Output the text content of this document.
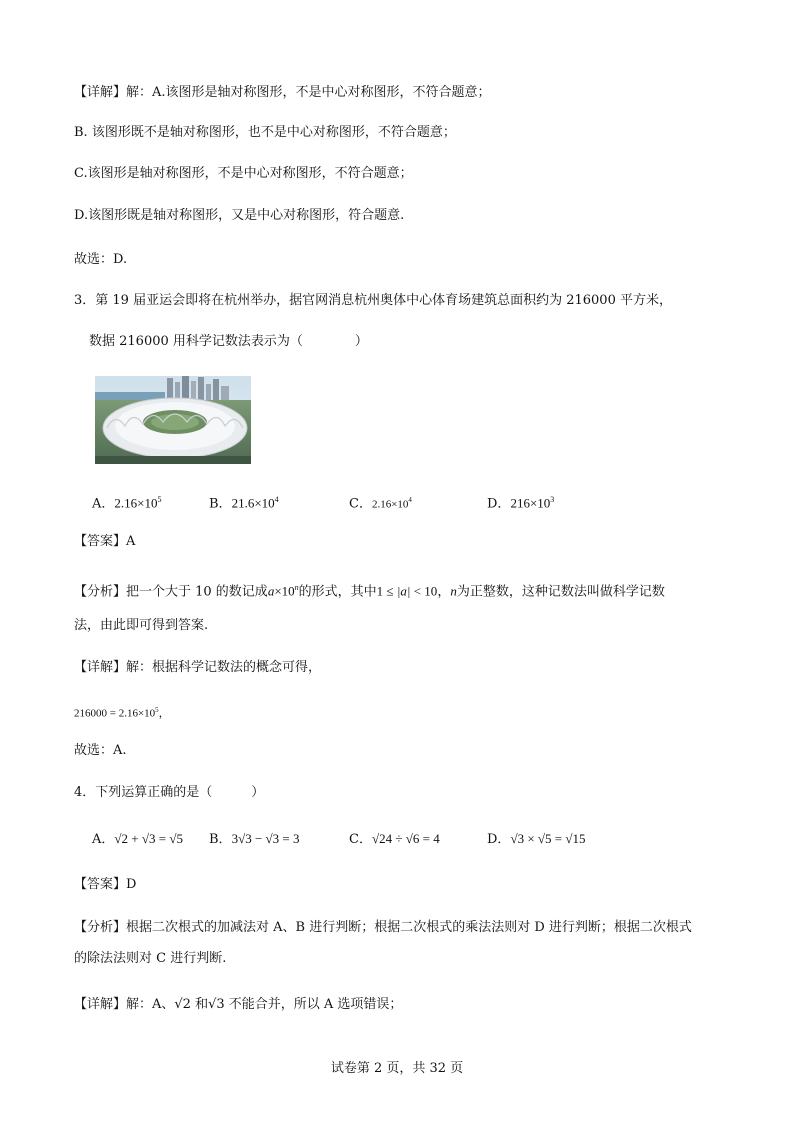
【详解】解：A.该图形是轴对称图形，不是中心对称图形，不符合题意；
B. 该图形既不是轴对称图形，也不是中心对称图形，不符合题意；
C.该图形是轴对称图形，不是中心对称图形，不符合题意；
D.该图形既是轴对称图形，又是中心对称图形，符合题意.
故选：D.
3．第 19 届亚运会即将在杭州举办，据官网消息杭州奥体中心体育场建筑总面积约为 216000 平方米，
数据 216000 用科学记数法表示为（　　　　）
A．$2.16\times 10^5$	B．$21.6\times 10^4$	C．$2.16\times 10^4$	D．$216\times 10^3$
【答案】A
【分析】把一个大于 10 的数记成$a\times 10^n$的形式，其中1 ≤ |a| < 10，n为正整数，这种记数法叫做科学记数
法，由此即可得到答案.
【详解】解：根据科学记数法的概念可得，
$216000 = 2.16\times 10^5$，
故选：A.
4．下列运算正确的是（　　　）
A．√2 + √3 = √5 B．3√3 − √3 = 3	C．√24 ÷ √6 = 4	D．√3 × √5 = √15
【答案】D
【分析】根据二次根式的加减法对 A、B 进行判断；根据二次根式的乘法法则对 D 进行判断；根据二次根式
的除法法则对 C 进行判断.
【详解】解：A、√2 和√3 不能合并，所以 A 选项错误；
试卷第 2 页，共 32 页
